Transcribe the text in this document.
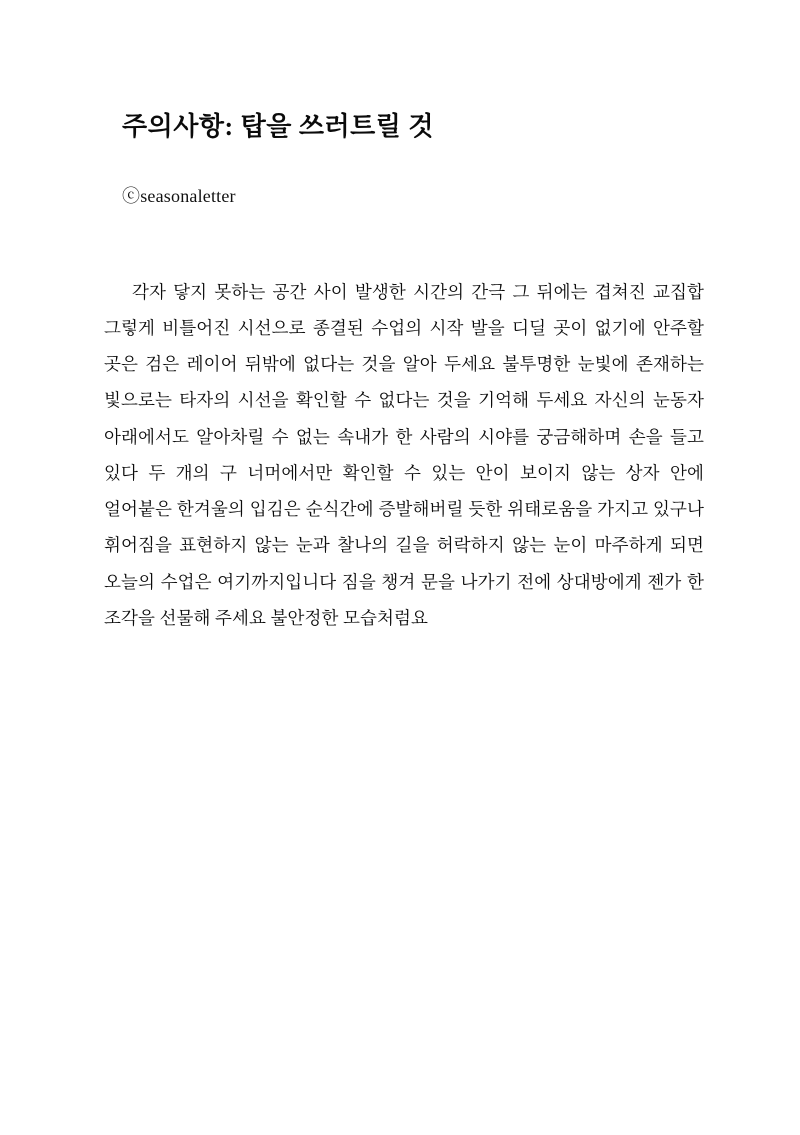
주의사항: 탑을 쓰러트릴 것
ⓒseasonaletter

각자 닿지 못하는 공간 사이 발생한 시간의 간극 그 뒤에는 겹쳐진 교집합 그렇게 비틀어진 시선으로 종결된 수업의 시작 발을 디딜 곳이 없기에 안주할 곳은 검은 레이어 뒤밖에 없다는 것을 알아 두세요 불투명한 눈빛에 존재하는 빛으로는 타자의 시선을 확인할 수 없다는 것을 기억해 두세요 자신의 눈동자 아래에서도 알아차릴 수 없는 속내가 한 사람의 시야를 궁금해하며 손을 들고 있다 두 개의 구 너머에서만 확인할 수 있는 안이 보이지 않는 상자 안에 얼어붙은 한겨울의 입김은 순식간에 증발해버릴 듯한 위태로움을 가지고 있구나 휘어짐을 표현하지 않는 눈과 찰나의 길을 허락하지 않는 눈이 마주하게 되면 오늘의 수업은 여기까지입니다 짐을 챙겨 문을 나가기 전에 상대방에게 젠가 한 조각을 선물해 주세요 불안정한 모습처럼요
